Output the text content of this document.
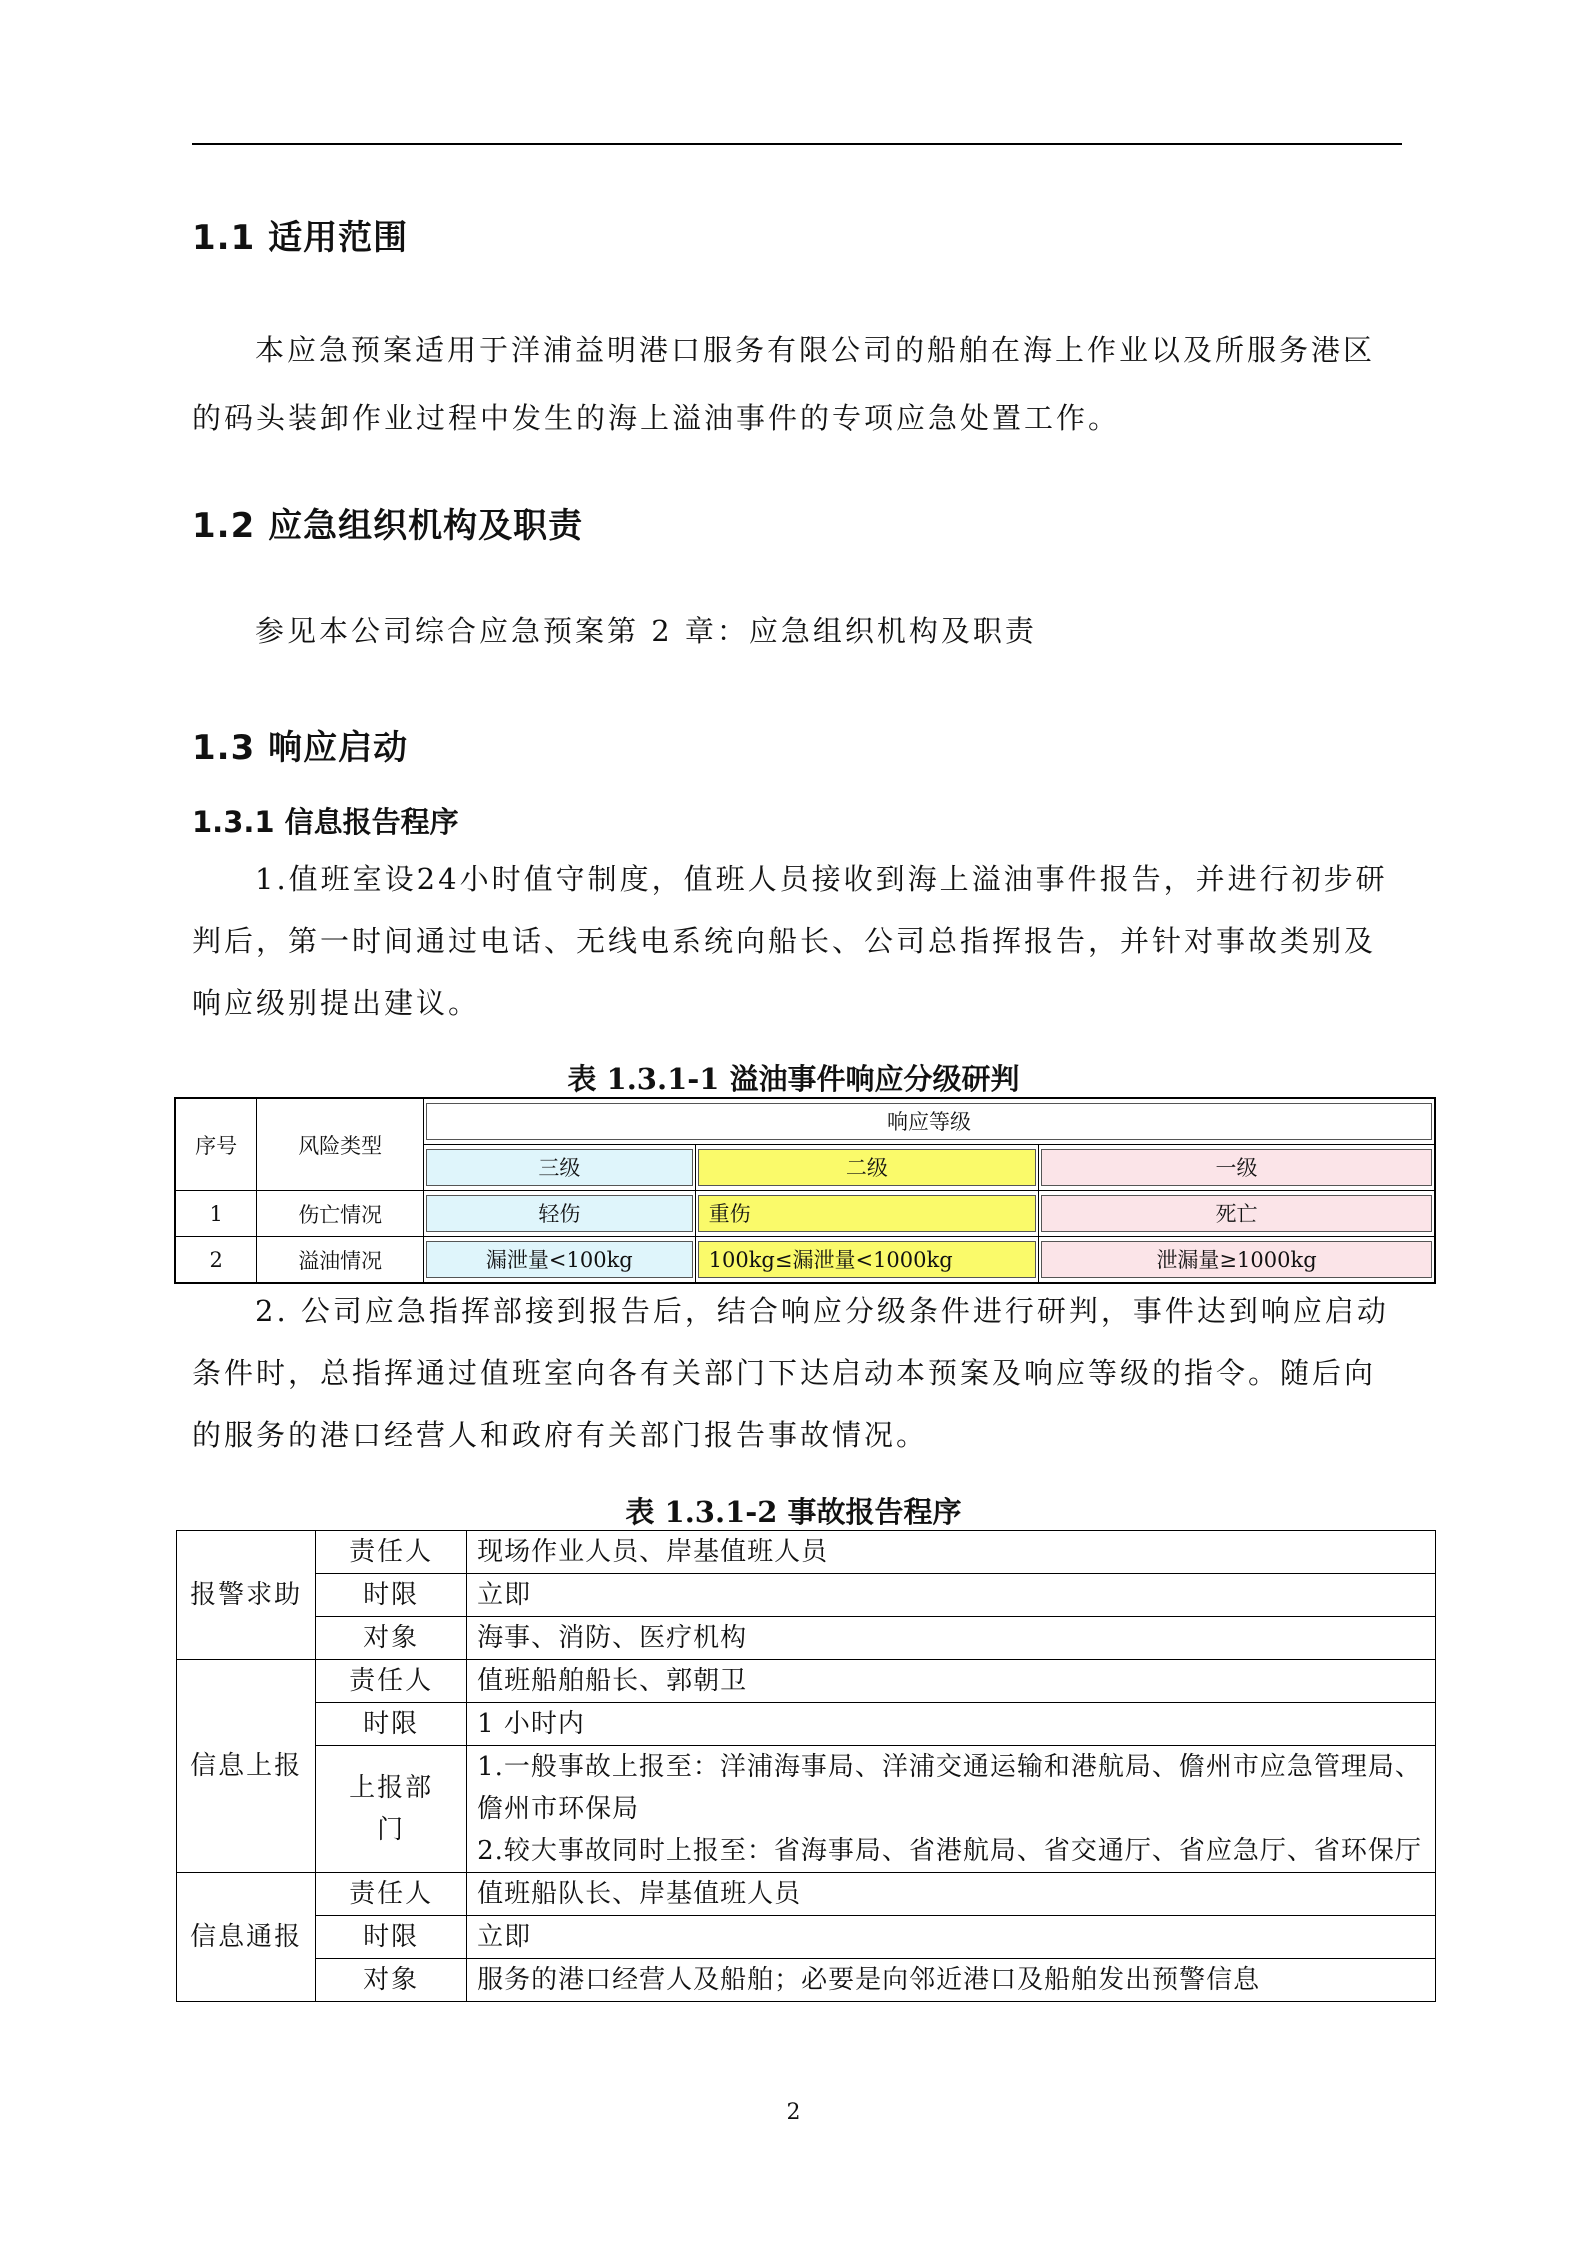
1.1 适用范围

本应急预案适用于洋浦益明港口服务有限公司的船舶在海上作业以及所服务港区的码头装卸作业过程中发生的海上溢油事件的专项应急处置工作。

1.2 应急组织机构及职责

参见本公司综合应急预案第 2 章：应急组织机构及职责

1.3 响应启动
1.3.1 信息报告程序

1.值班室设24小时值守制度，值班人员接收到海上溢油事件报告，并进行初步研判后，第一时间通过电话、无线电系统向船长、公司总指挥报告，并针对事故类别及响应级别提出建议。

表 1.3.1-1 溢油事件响应分级研判
序号	风险类型	响应等级		

		三级	二级	一级

1	伤亡情况	轻伤	重伤	死亡

2	溢油情况	漏泄量<100kg	100kg≤漏泄量<1000kg	泄漏量≥1000kg

2. 公司应急指挥部接到报告后，结合响应分级条件进行研判，事件达到响应启动条件时，总指挥通过值班室向各有关部门下达启动本预案及响应等级的指令。随后向的服务的港口经营人和政府有关部门报告事故情况。

表 1.3.1-2 事故报告程序
报警求助	责任人	现场作业人员、岸基值班人员
	时限	立即
	对象	海事、消防、医疗机构
信息上报	责任人	值班船舶船长、郭朝卫
	时限	1 小时内
	上报部门	1.一般事故上报至：洋浦海事局、洋浦交通运输和港航局、儋州市应急管理局、儋州市环保局
2.较大事故同时上报至：省海事局、省港航局、省交通厅、省应急厅、省环保厅

信息通报	责任人	值班船队长、岸基值班人员
	时限	立即
	对象	服务的港口经营人及船舶；必要是向邻近港口及船舶发出预警信息
2
